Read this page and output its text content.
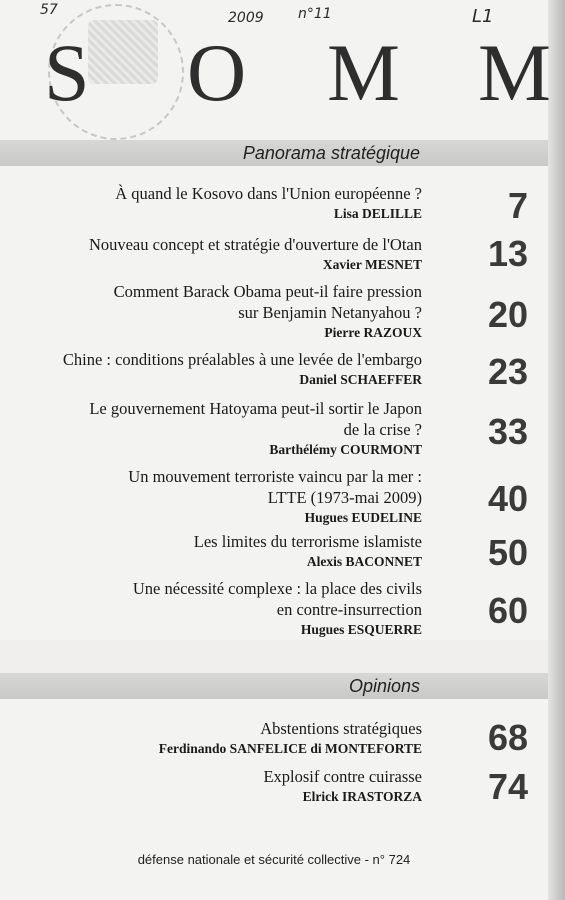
57	2009 n°11	L1
S O M M
Panorama stratégique
À quand le Kosovo dans l'Union européenne ?
Lisa DELILLE	7
Nouveau concept et stratégie d'ouverture de l'Otan
Xavier MESNET	13
Comment Barack Obama peut-il faire pression
sur Benjamin Netanyahou ?
Pierre RAZOUX	20
Chine : conditions préalables à une levée de l'embargo
Daniel SCHAEFFER	23
Le gouvernement Hatoyama peut-il sortir le Japon
de la crise ?
Barthélémy COURMONT	33
Un mouvement terroriste vaincu par la mer :
LTTE (1973-mai 2009)
Hugues EUDELINE	40
Les limites du terrorisme islamiste
Alexis BACONNET	50
Une nécessité complexe : la place des civils
en contre-insurrection
Hugues ESQUERRE	60
Opinions
Abstentions stratégiques
Ferdinando SANFELICE di MONTEFORTE	68
Explosif contre cuirasse
Elrick IRASTORZA	74
défense nationale et sécurité collective - n° 724
